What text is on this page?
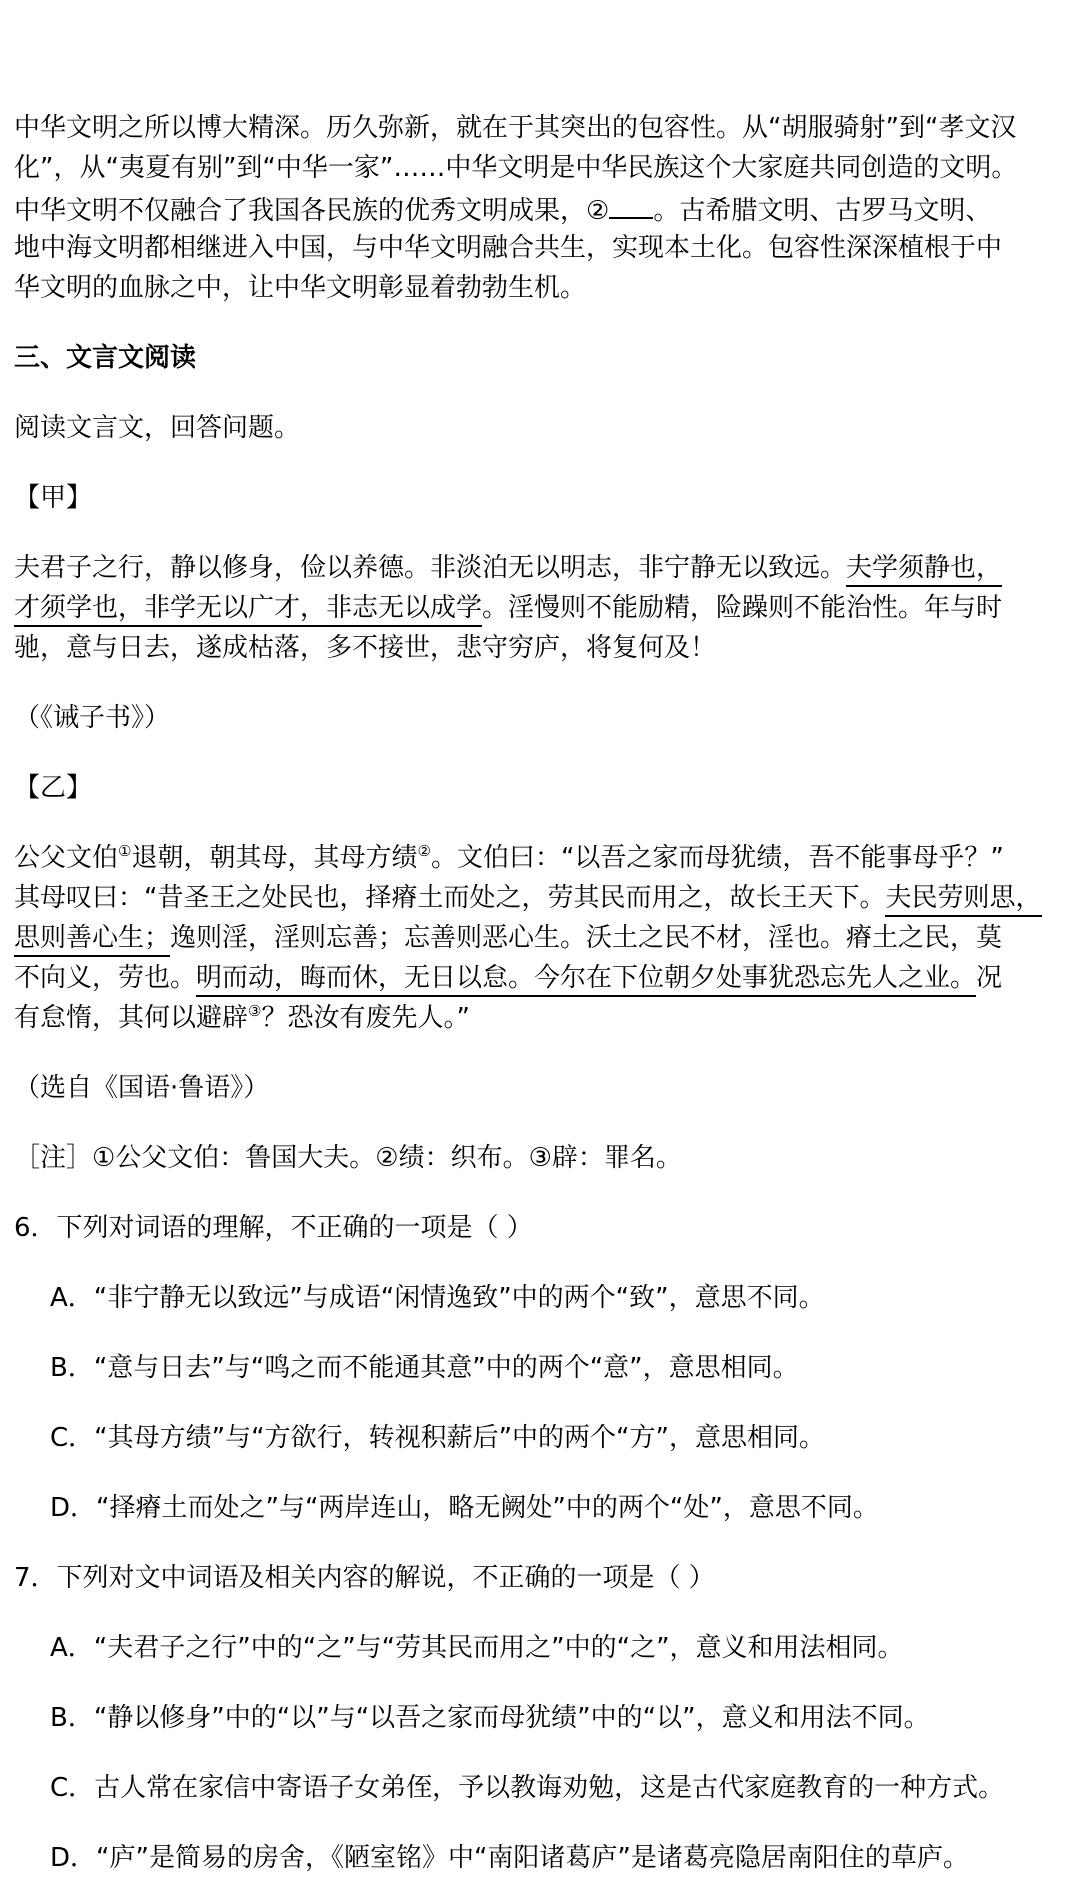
中华文明之所以博大精深。历久弥新，就在于其突出的包容性。从“胡服骑射”到“孝文汉
化”，从“夷夏有别”到“中华一家”……中华文明是中华民族这个大家庭共同创造的文明。
中华文明不仅融合了我国各民族的优秀文明成果，② 。古希腊文明、古罗马文明、
地中海文明都相继进入中国，与中华文明融合共生，实现本土化。包容性深深植根于中
华文明的血脉之中，让中华文明彰显着勃勃生机。
三、文言文阅读
阅读文言文，回答问题。
【甲】
夫君子之行，静以修身，俭以养德。非淡泊无以明志，非宁静无以致远。夫学须静也，
才须学也，非学无以广才，非志无以成学。淫慢则不能励精，险躁则不能治性。年与时
驰，意与日去，遂成枯落，多不接世，悲守穷庐，将复何及！
（《诫子书》）
【乙】
公父文伯①退朝，朝其母，其母方绩②。文伯曰：“以吾之家而母犹绩，吾不能事母乎？”
其母叹曰：“昔圣王之处民也，择瘠土而处之，劳其民而用之，故长王天下。夫民劳则思，
思则善心生；逸则淫，淫则忘善；忘善则恶心生。沃土之民不材，淫也。瘠土之民，莫
不向义，劳也。明而动，晦而休，无日以怠。今尔在下位朝夕处事犹恐忘先人之业。况
有怠惰，其何以避辟③？恐汝有废先人。”
（选自《国语·鲁语》）
［注］①公父文伯：鲁国大夫。②绩：织布。③辟：罪名。
6．下列对词语的理解，不正确的一项是（ ）
A．“非宁静无以致远”与成语“闲情逸致”中的两个“致”，意思不同。
B．“意与日去”与“鸣之而不能通其意”中的两个“意”，意思相同。
C．“其母方绩”与“方欲行，转视积薪后”中的两个“方”，意思相同。
D．“择瘠土而处之”与“两岸连山，略无阙处”中的两个“处”，意思不同。
7．下列对文中词语及相关内容的解说，不正确的一项是（ ）
A．“夫君子之行”中的“之”与“劳其民而用之”中的“之”，意义和用法相同。
B．“静以修身”中的“以”与“以吾之家而母犹绩”中的“以”，意义和用法不同。
C．古人常在家信中寄语子女弟侄，予以教诲劝勉，这是古代家庭教育的一种方式。
D．“庐”是简易的房舍，《陋室铭》中“南阳诸葛庐”是诸葛亮隐居南阳住的草庐。
